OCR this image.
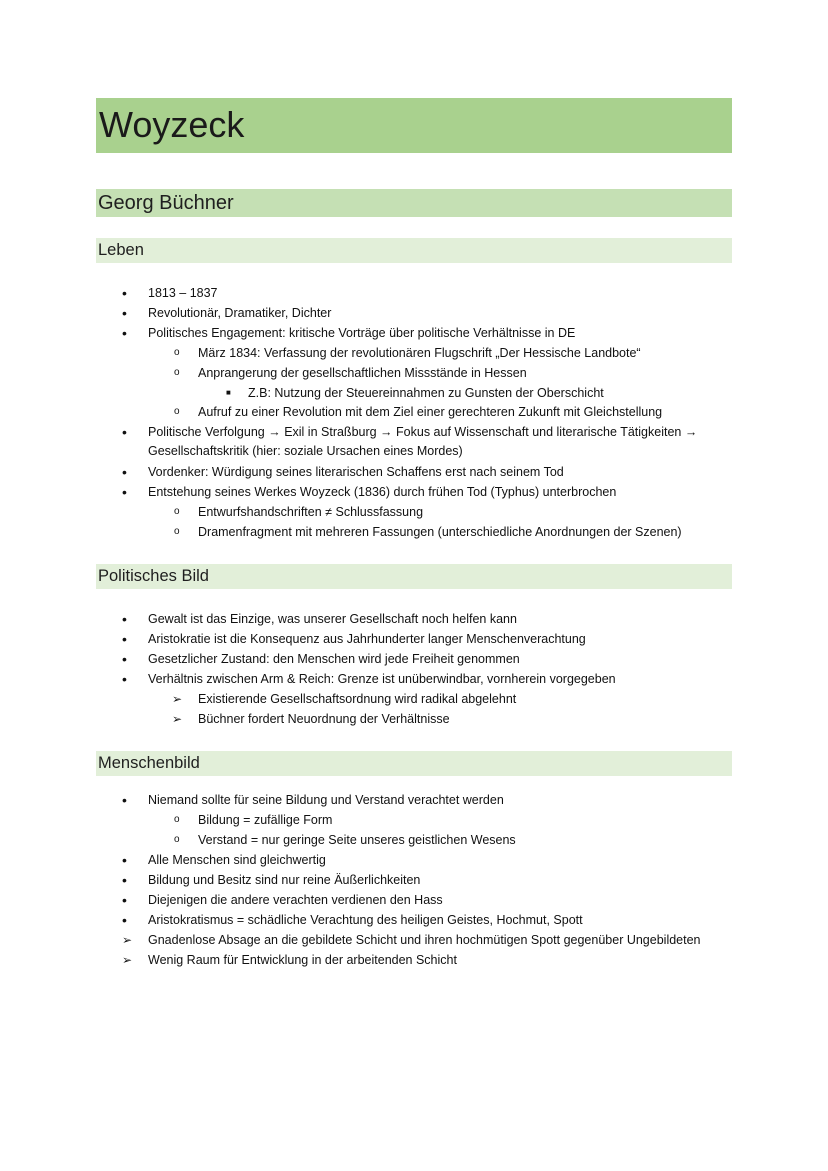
Woyzeck
Georg Büchner
Leben
• 1813 – 1837
• Revolutionär, Dramatiker, Dichter
• Politisches Engagement: kritische Vorträge über politische Verhältnisse in DE
o März 1834: Verfassung der revolutionären Flugschrift „Der Hessische Landbote“
o Anprangerung der gesellschaftlichen Missstände in Hessen
■ Z.B: Nutzung der Steuereinnahmen zu Gunsten der Oberschicht
o Aufruf zu einer Revolution mit dem Ziel einer gerechteren Zukunft mit Gleichstellung
• Politische Verfolgung → Exil in Straßburg → Fokus auf Wissenschaft und literarische Tätigkeiten →
Gesellschaftskritik (hier: soziale Ursachen eines Mordes)
• Vordenker: Würdigung seines literarischen Schaffens erst nach seinem Tod
• Entstehung seines Werkes Woyzeck (1836) durch frühen Tod (Typhus) unterbrochen
o Entwurfshandschriften ≠ Schlussfassung
o Dramenfragment mit mehreren Fassungen (unterschiedliche Anordnungen der Szenen)
Politisches Bild
• Gewalt ist das Einzige, was unserer Gesellschaft noch helfen kann
• Aristokratie ist die Konsequenz aus Jahrhunderter langer Menschenverachtung
• Gesetzlicher Zustand: den Menschen wird jede Freiheit genommen
• Verhältnis zwischen Arm & Reich: Grenze ist unüberwindbar, vornherein vorgegeben
➢ Existierende Gesellschaftsordnung wird radikal abgelehnt
➢ Büchner fordert Neuordnung der Verhältnisse
Menschenbild
• Niemand sollte für seine Bildung und Verstand verachtet werden
o Bildung = zufällige Form
o Verstand = nur geringe Seite unseres geistlichen Wesens
• Alle Menschen sind gleichwertig
• Bildung und Besitz sind nur reine Äußerlichkeiten
• Diejenigen die andere verachten verdienen den Hass
• Aristokratismus = schädliche Verachtung des heiligen Geistes, Hochmut, Spott
➢ Gnadenlose Absage an die gebildete Schicht und ihren hochmütigen Spott gegenüber Ungebildeten
➢ Wenig Raum für Entwicklung in der arbeitenden Schicht
